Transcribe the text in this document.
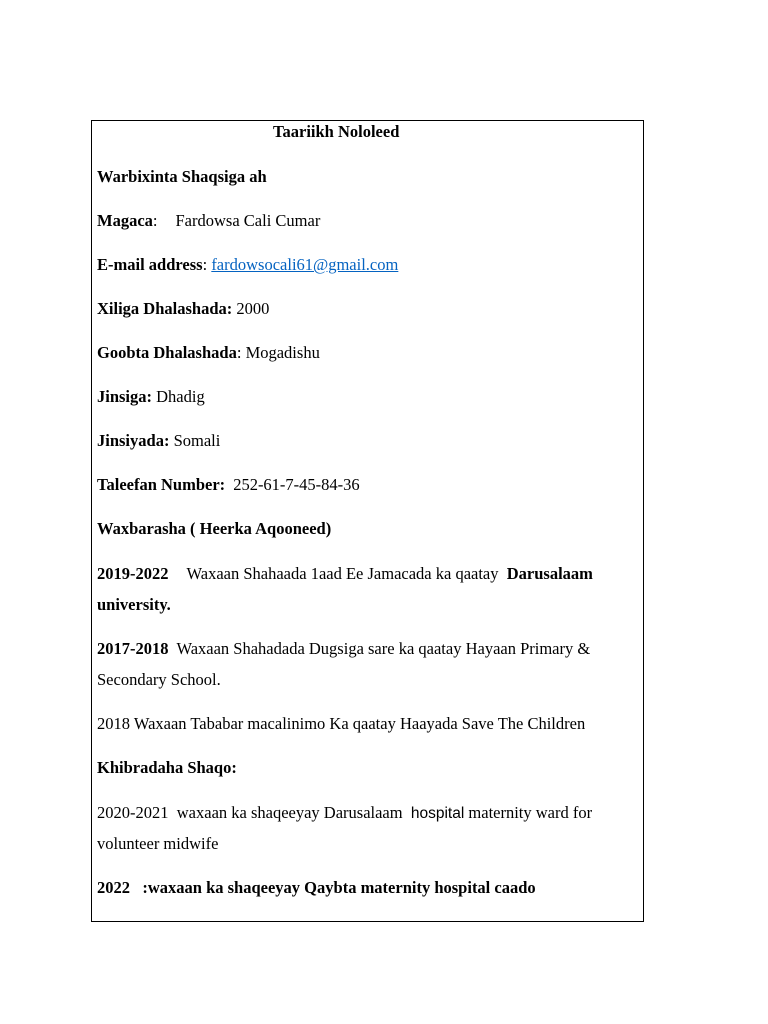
Taariikh Nololeed
Warbixinta Shaqsiga ah
Magaca: Fardowsa Cali Cumar
E-mail address: fardowsocali61@gmail.com
Xiliga Dhalashada: 2000
Goobta Dhalashada: Mogadishu
Jinsiga: Dhadig
Jinsiyada: Somali
Taleefan Number: 252-61-7-45-84-36
Waxbarasha ( Heerka Aqooneed)
2019-2022 Waxaan Shahaada 1aad Ee Jamacada ka qaatay Darusalaam
university.
2017-2018 Waxaan Shahadada Dugsiga sare ka qaatay Hayaan Primary &
Secondary School.
2018 Waxaan Tababar macalinimo Ka qaatay Haayada Save The Children
Khibradaha Shaqo:
2020-2021 waxaan ka shaqeeyay Darusalaam hospital maternity ward for
volunteer midwife
2022 :waxaan ka shaqeeyay Qaybta maternity hospital caado
